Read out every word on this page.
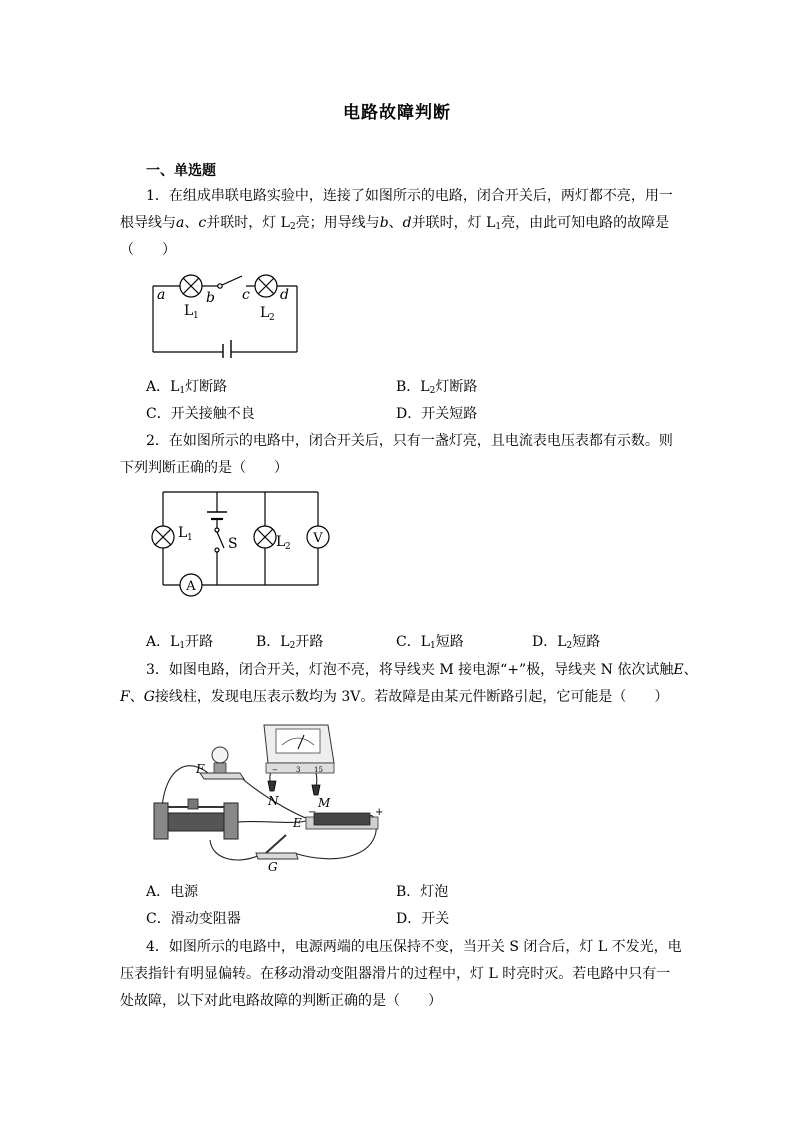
电路故障判断
一、单选题
1．在组成串联电路实验中，连接了如图所示的电路，闭合开关后，两灯都不亮，用一
根导线与a、c并联时，灯 $L_2$亮；用导线与b、d并联时，灯 $L_1$亮，由此可知电路的故障是
（　　）
a	b c d
L 1	L 2
A．$L_1$灯断路	B．$L_2$灯断路
C．开关接触不良	D．开关短路
2．在如图所示的电路中，闭合开关后，只有一盏灯亮，且电流表电压表都有示数。则
下列判断正确的是（　　）
L 1	S	L 2
V
A
A．$L_1$开路	B．$L_2$开路	C．$L_1$短路	D．$L_2$短路
3．如图电路，闭合开关，灯泡不亮，将导线夹 M 接电源“+”极，导线夹 N 依次试触E、
F、G接线柱，发现电压表示数均为 3V。若故障是由某元件断路引起，它可能是（　　）
F
N	M
E
G
−	+
−	3 15
A．电源	B．灯泡
C．滑动变阻器	D．开关
4．如图所示的电路中，电源两端的电压保持不变，当开关 S 闭合后，灯 L 不发光，电
压表指针有明显偏转。在移动滑动变阻器滑片的过程中，灯 L 时亮时灭。若电路中只有一
处故障，以下对此电路故障的判断正确的是（　　）
